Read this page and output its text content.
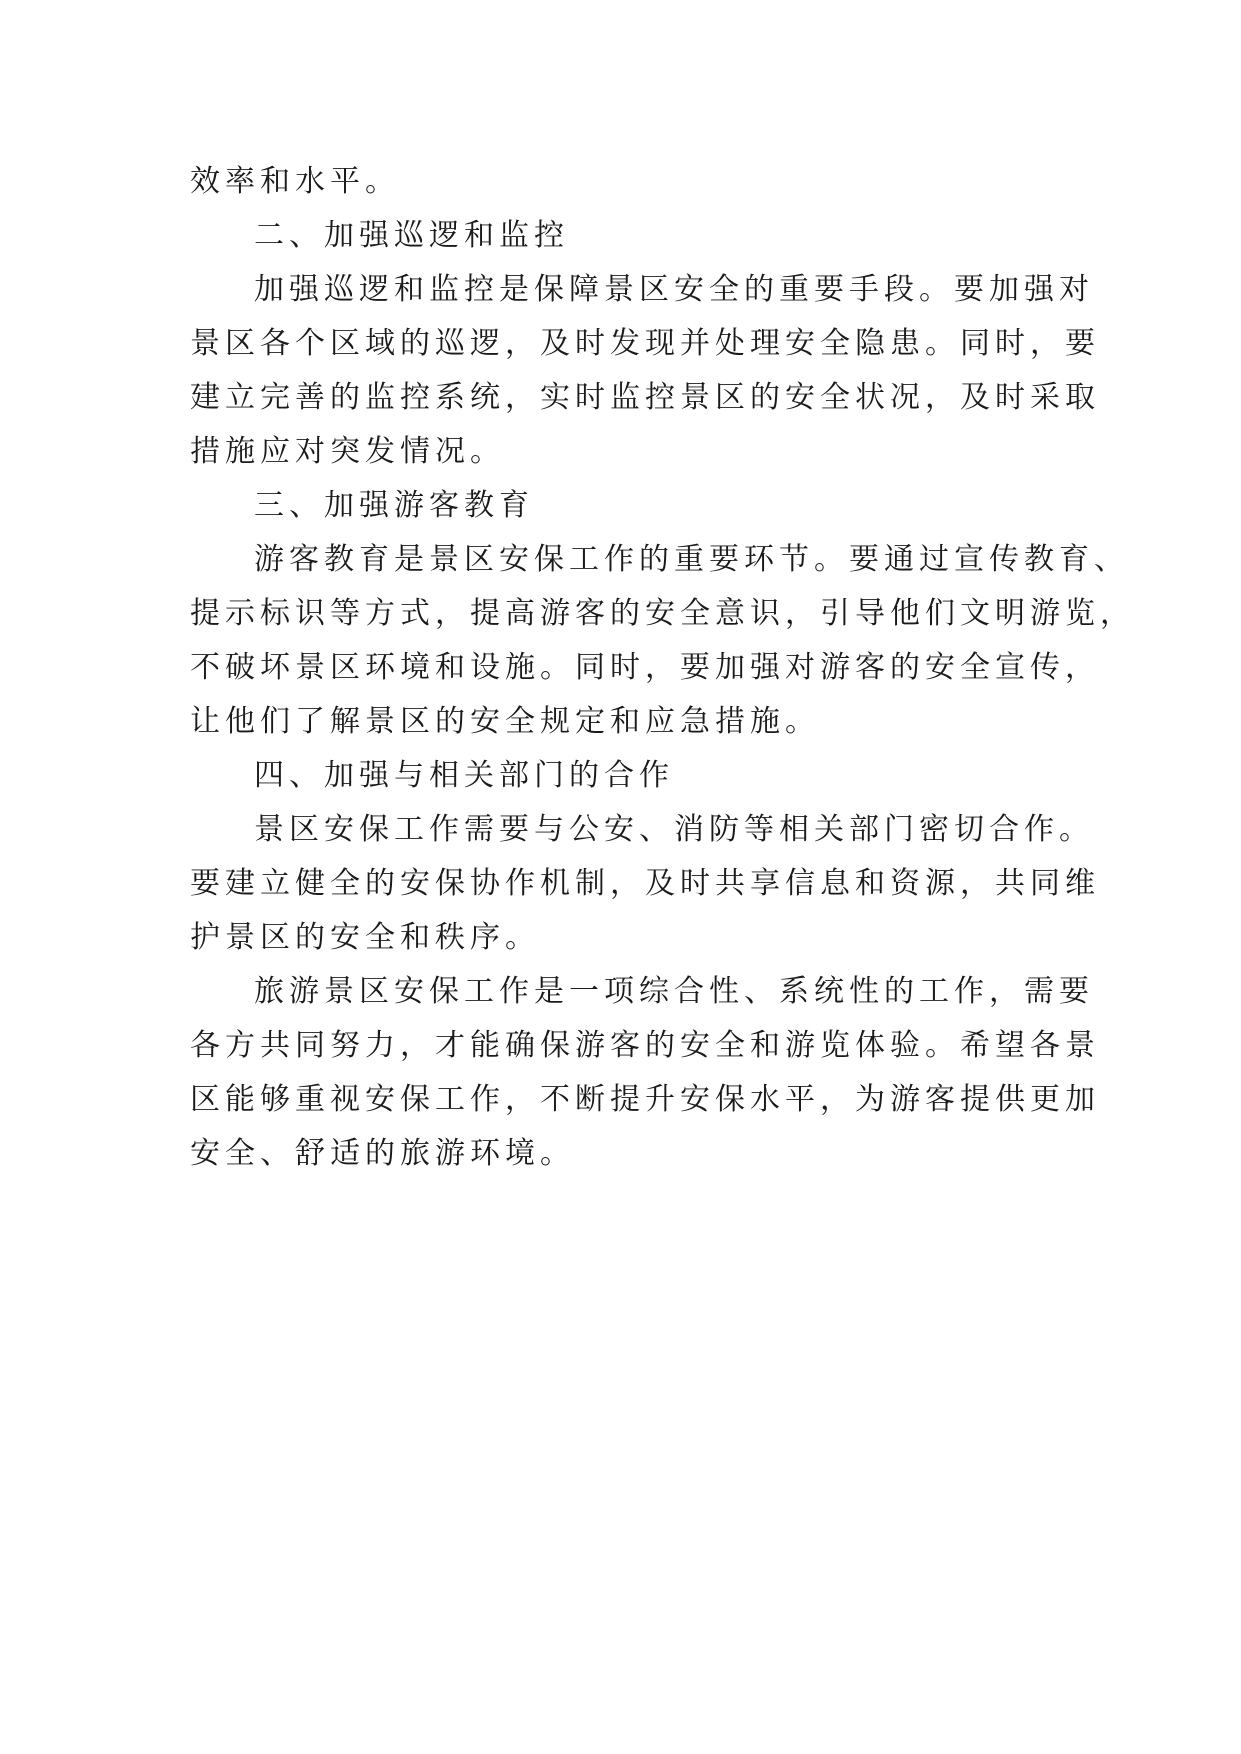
效率和水平。
二、加强巡逻和监控
加强巡逻和监控是保障景区安全的重要手段。要加强对
景区各个区域的巡逻，及时发现并处理安全隐患。同时，要
建立完善的监控系统，实时监控景区的安全状况，及时采取
措施应对突发情况。
三、加强游客教育
游客教育是景区安保工作的重要环节。要通过宣传教育、
提示标识等方式，提高游客的安全意识，引导他们文明游览，
不破坏景区环境和设施。同时，要加强对游客的安全宣传，
让他们了解景区的安全规定和应急措施。
四、加强与相关部门的合作
景区安保工作需要与公安、消防等相关部门密切合作。
要建立健全的安保协作机制，及时共享信息和资源，共同维
护景区的安全和秩序。
旅游景区安保工作是一项综合性、系统性的工作，需要
各方共同努力，才能确保游客的安全和游览体验。希望各景
区能够重视安保工作，不断提升安保水平，为游客提供更加
安全、舒适的旅游环境。
